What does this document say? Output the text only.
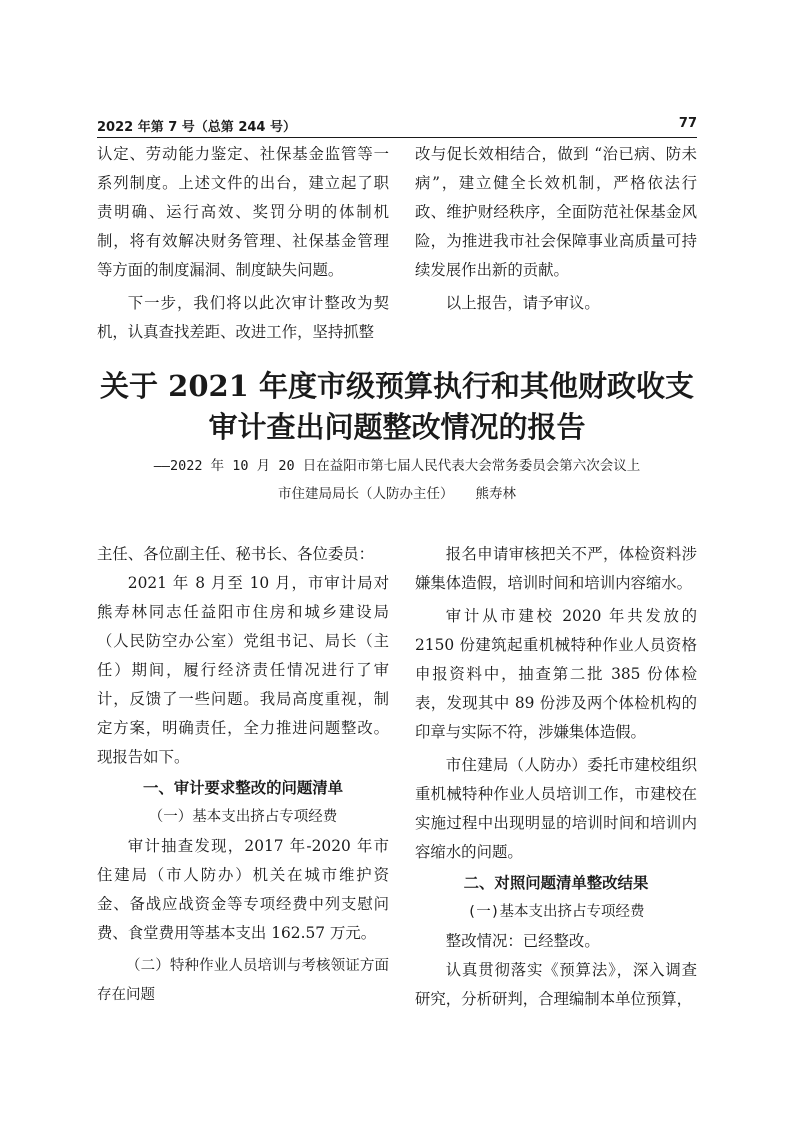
2022 年第 7 号（总第 244 号）	77

认定、劳动能力鉴定、社保基金监管等一系列制度。上述文件的出台，建立起了职责明确、运行高效、奖罚分明的体制机制，将有效解决财务管理、社保基金管理等方面的制度漏洞、制度缺失问题。

下一步，我们将以此次审计整改为契机，认真查找差距、改进工作，坚持抓整

改与促长效相结合，做到 “治已病、防未病”，建立健全长效机制，严格依法行政、维护财经秩序，全面防范社保基金风险，为推进我市社会保障事业高质量可持续发展作出新的贡献。

以上报告，请予审议。

关于 2021 年度市级预算执行和其他财政收支
审计查出问题整改情况的报告
——2022 年 10 月 20 日在益阳市第七届人民代表大会常务委员会第六次会议上
市住建局局长（人防办主任） 熊寿林

主任、各位副主任、秘书长、各位委员：

2021 年 8 月至 10 月，市审计局对熊寿林同志任益阳市住房和城乡建设局（人民防空办公室）党组书记、局长（主任）期间，履行经济责任情况进行了审计，反馈了一些问题。我局高度重视，制定方案，明确责任，全力推进问题整改。现报告如下。

一、审计要求整改的问题清单

（一）基本支出挤占专项经费

审计抽查发现，2017 年-2020 年市住建局（市人防办）机关在城市维护资金、备战应战资金等专项经费中列支慰问费、食堂费用等基本支出 162.57 万元。

（二）特种作业人员培训与考核领证方面存在问题

报名申请审核把关不严，体检资料涉嫌集体造假，培训时间和培训内容缩水。

审计从市建校 2020 年共发放的 2150 份建筑起重机械特种作业人员资格申报资料中，抽查第二批 385 份体检表，发现其中 89 份涉及两个体检机构的印章与实际不符，涉嫌集体造假。

市住建局（人防办）委托市建校组织重机械特种作业人员培训工作，市建校在实施过程中出现明显的培训时间和培训内容缩水的问题。

二、对照问题清单整改结果

(一)基本支出挤占专项经费

整改情况：已经整改。

认真贯彻落实《预算法》，深入调查研究，分析研判，合理编制本单位预算，
